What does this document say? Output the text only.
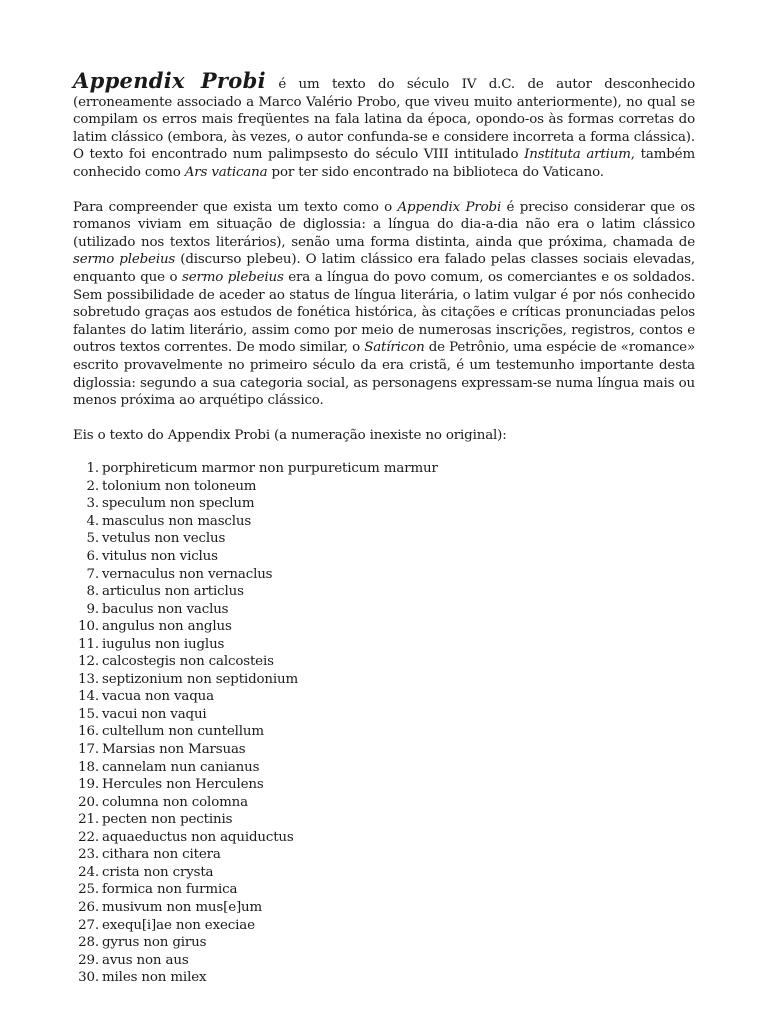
Appendix Probi é um texto do século IV d.C. de autor desconhecido (erroneamente associado a Marco Valério Probo, que viveu muito anteriormente), no qual se compilam os erros mais freqüentes na fala latina da época, opondo-os às formas corretas do latim clássico (embora, às vezes, o autor confunda-se e considere incorreta a forma clássica). O texto foi encontrado num palimpsesto do século VIII intitulado Instituta artium, também conhecido como Ars vaticana por ter sido encontrado na biblioteca do Vaticano.

Para compreender que exista um texto como o Appendix Probi é preciso considerar que os romanos viviam em situação de diglossia: a língua do dia-a-dia não era o latim clássico (utilizado nos textos literários), senão uma forma distinta, ainda que próxima, chamada de sermo plebeius (discurso plebeu). O latim clássico era falado pelas classes sociais elevadas, enquanto que o sermo plebeius era a língua do povo comum, os comerciantes e os soldados. Sem possibilidade de aceder ao status de língua literária, o latim vulgar é por nós conhecido sobretudo graças aos estudos de fonética histórica, às citações e críticas pronunciadas pelos falantes do latim literário, assim como por meio de numerosas inscrições, registros, contos e outros textos correntes. De modo similar, o Satíricon de Petrônio, uma espécie de «romance» escrito provavelmente no primeiro século da era cristã, é um testemunho importante desta diglossia: segundo a sua categoria social, as personagens expressam-se numa língua mais ou menos próxima ao arquétipo clássico.

Eis o texto do Appendix Probi (a numeração inexiste no original):

1. porphireticum marmor non purpureticum marmur
2. tolonium non toloneum
3. speculum non speclum
4. masculus non masclus
5. vetulus non veclus
6. vitulus non viclus
7. vernaculus non vernaclus
8. articulus non articlus
9. baculus non vaclus
10. angulus non anglus
11. iugulus non iuglus
12. calcostegis non calcosteis
13. septizonium non septidonium
14. vacua non vaqua
15. vacui non vaqui
16. cultellum non cuntellum
17. Marsias non Marsuas
18. cannelam nun canianus
19. Hercules non Herculens
20. columna non colomna
21. pecten non pectinis
22. aquaeductus non aquiductus
23. cithara non citera
24. crista non crysta
25. formica non furmica
26. musivum non mus[e]um
27. exequ[i]ae non execiae
28. gyrus non girus
29. avus non aus
30. miles non milex
